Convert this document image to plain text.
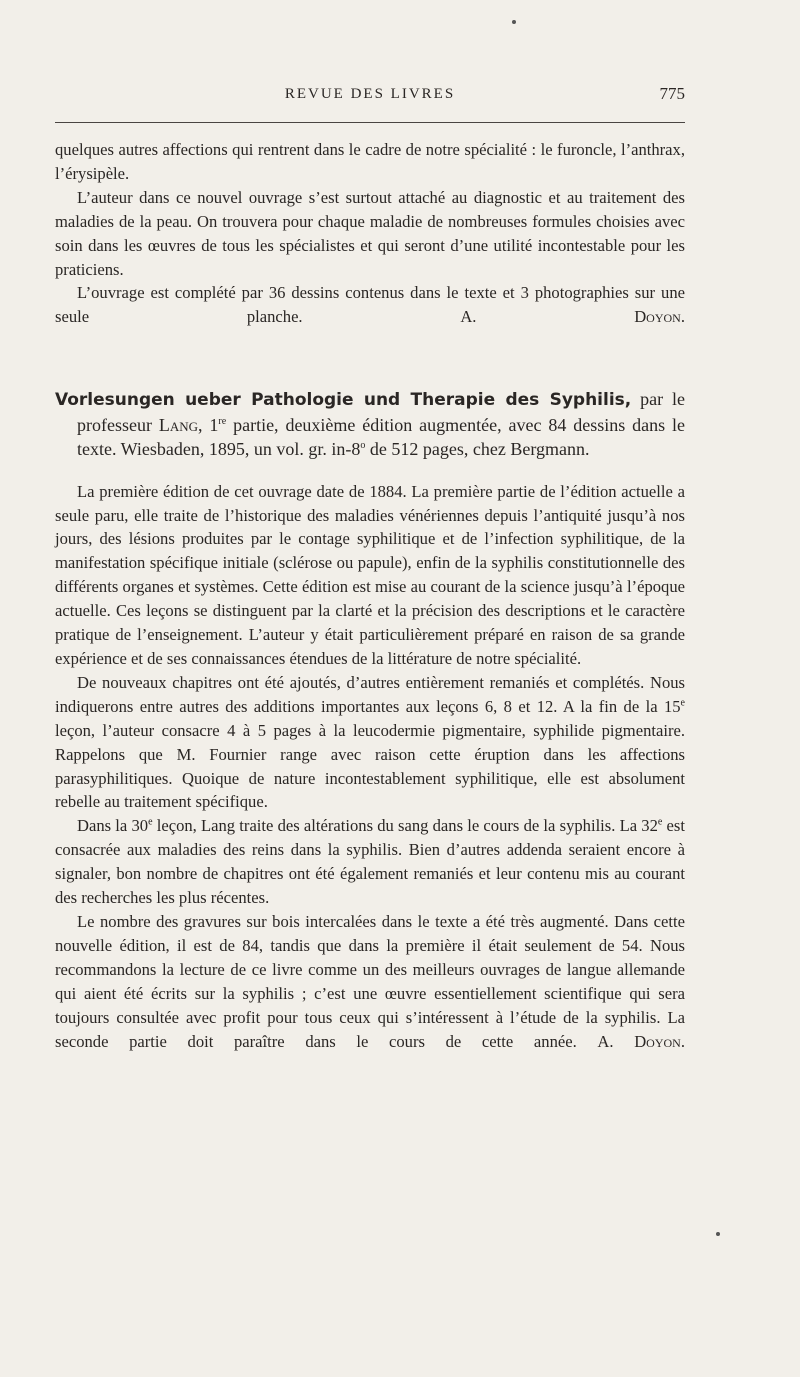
REVUE DES LIVRES	775

quelques autres affections qui rentrent dans le cadre de notre spécialité : le furoncle, l’anthrax, l’érysipèle.

L’auteur dans ce nouvel ouvrage s’est surtout attaché au diagnostic et au traitement des maladies de la peau. On trouvera pour chaque maladie de nombreuses formules choisies avec soin dans les œuvres de tous les spécialistes et qui seront d’une utilité incontestable pour les praticiens.

L’ouvrage est complété par 36 dessins contenus dans le texte et 3 photographies sur une seule planche.	A. Doyon.

Vorlesungen ueber Pathologie und Therapie des Syphilis, par le professeur Lang, 1re partie, deuxième édition augmentée, avec 84 dessins dans le texte. Wiesbaden, 1895, un vol. gr. in-8$^o$ de 512 pages, chez Bergmann.

La première édition de cet ouvrage date de 1884. La première partie de l’édition actuelle a seule paru, elle traite de l’historique des maladies vénériennes depuis l’antiquité jusqu’à nos jours, des lésions produites par le contage syphilitique et de l’infection syphilitique, de la manifestation spécifique initiale (sclérose ou papule), enfin de la syphilis constitutionnelle des différents organes et systèmes. Cette édition est mise au courant de la science jusqu’à l’époque actuelle. Ces leçons se distinguent par la clarté et la précision des descriptions et le caractère pratique de l’enseignement. L’auteur y était particulièrement préparé en raison de sa grande expérience et de ses connaissances étendues de la littérature de notre spécialité.

De nouveaux chapitres ont été ajoutés, d’autres entièrement remaniés et complétés. Nous indiquerons entre autres des additions importantes aux leçons 6, 8 et 12. A la fin de la 15e leçon, l’auteur consacre 4 à 5 pages à la leucodermie pigmentaire, syphilide pigmentaire. Rappelons que M. Fournier range avec raison cette éruption dans les affections parasyphilitiques. Quoique de nature incontestablement syphilitique, elle est absolument rebelle au traitement spécifique.

Dans la 30e leçon, Lang traite des altérations du sang dans le cours de la syphilis. La 32e est consacrée aux maladies des reins dans la syphilis. Bien d’autres addenda seraient encore à signaler, bon nombre de chapitres ont été également remaniés et leur contenu mis au courant des recherches les plus récentes.

Le nombre des gravures sur bois intercalées dans le texte a été très augmenté. Dans cette nouvelle édition, il est de 84, tandis que dans la première il était seulement de 54. Nous recommandons la lecture de ce livre comme un des meilleurs ouvrages de langue allemande qui aient été écrits sur la syphilis ; c’est une œuvre essentiellement scientifique qui sera toujours consultée avec profit pour tous ceux qui s’intéressent à l’étude de la syphilis. La seconde partie doit paraître dans le cours de cette année. A. Doyon.
